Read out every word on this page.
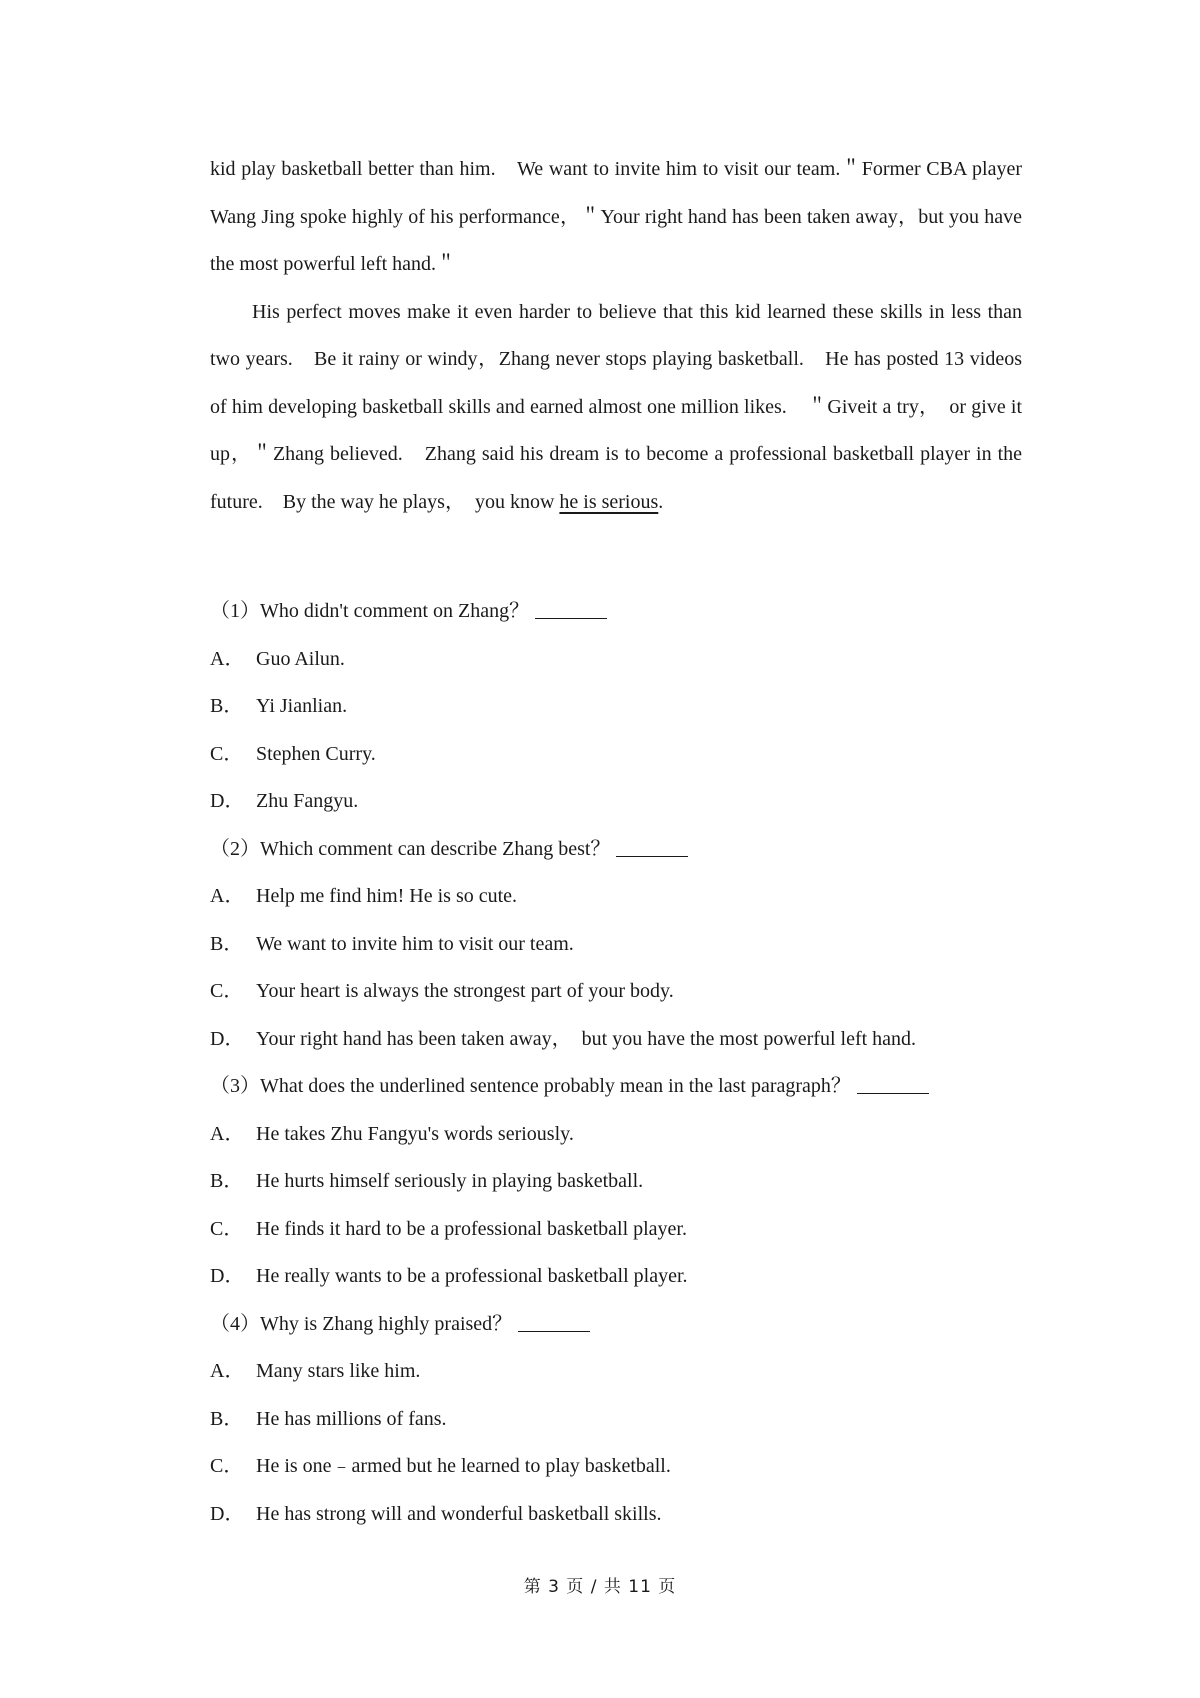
kid play basketball better than him.　We want to invite him to visit our team.＂Former CBA player Wang Jing spoke highly of his performance，＂Your right hand has been taken away，but you have the most powerful left hand.＂

His perfect moves make it even harder to believe that this kid learned these skills in less than two years.　Be it rainy or windy，Zhang never stops playing basketball.　He has posted 13 videos of him developing basketball skills and earned almost one million likes.　＂Giveit a try，　or give it up，＂Zhang believed.　Zhang said his dream is to become a professional basketball player in the future.　By the way he plays，　you know he is serious.

（1）Who didn't comment on Zhang？
A． Guo Ailun.
B． Yi Jianlian.
C． Stephen Curry.
D． Zhu Fangyu.
（2）Which comment can describe Zhang best？
A． Help me find him! He is so cute.
B． We want to invite him to visit our team.
C． Your heart is always the strongest part of your body.
D． Your right hand has been taken away，　but you have the most powerful left hand.
（3）What does the underlined sentence probably mean in the last paragraph？
A． He takes Zhu Fangyu's words seriously.
B． He hurts himself seriously in playing basketball.
C． He finds it hard to be a professional basketball player.
D． He really wants to be a professional basketball player.
（4）Why is Zhang highly praised？
A． Many stars like him.
B． He has millions of fans.
C． He is one﹣armed but he learned to play basketball.
D． He has strong will and wonderful basketball skills.
第 3 页 / 共 11 页
